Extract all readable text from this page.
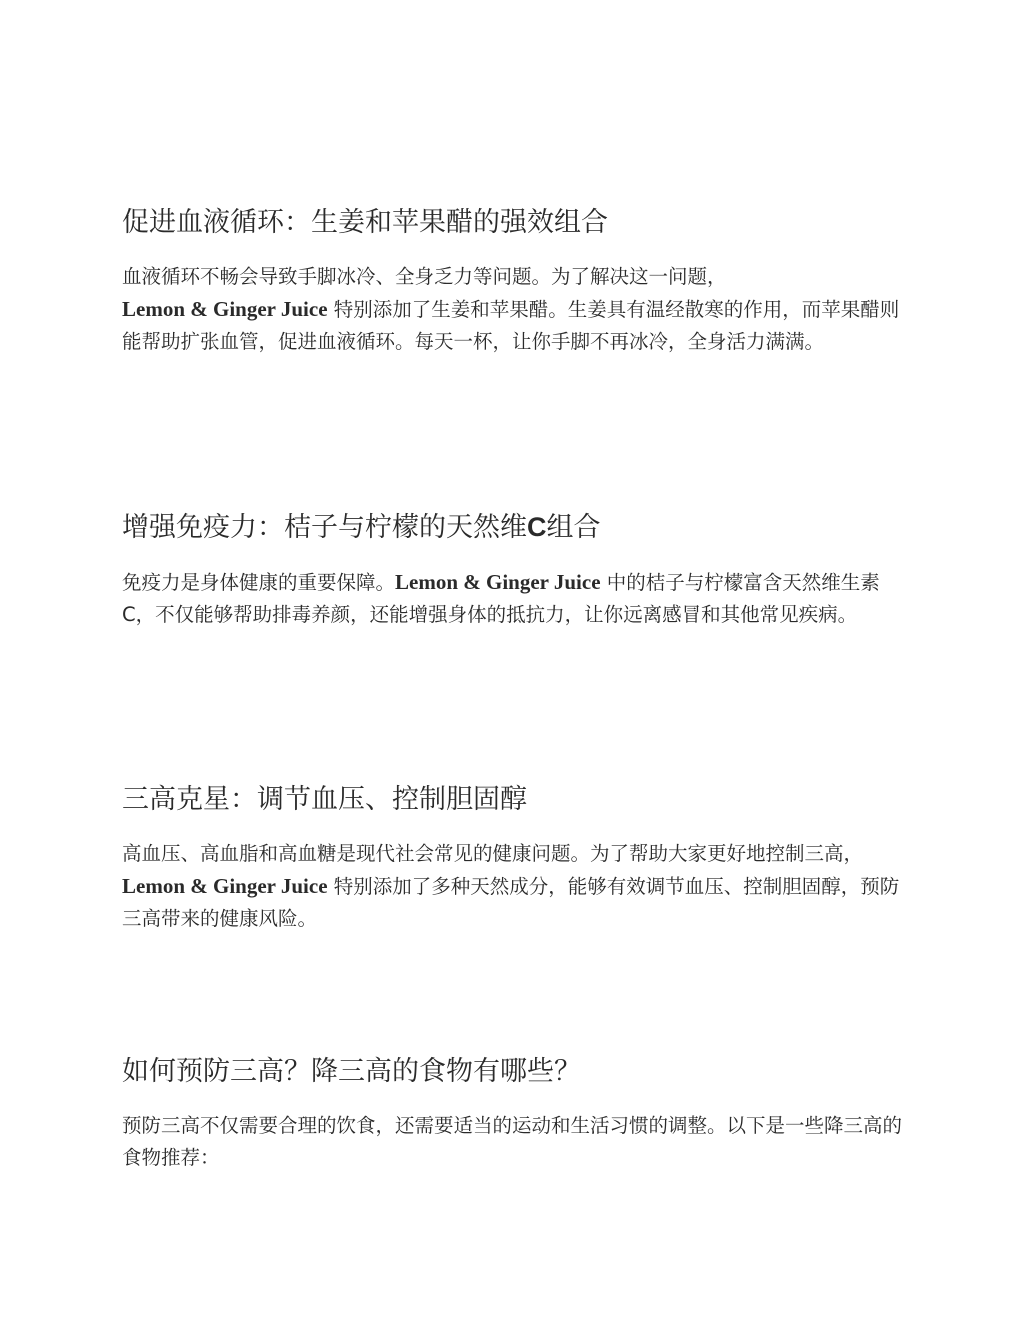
促进血液循环：生姜和苹果醋的强效组合

血液循环不畅会导致手脚冰冷、全身乏力等问题。为了解决这一问题，
Lemon & Ginger Juice 特别添加了生姜和苹果醋。生姜具有温经散寒的作用，而苹果醋则能帮助扩张血管，促进血液循环。每天一杯，让你手脚不再冰冷，全身活力满满。

增强免疫力：桔子与柠檬的天然维C组合

免疫力是身体健康的重要保障。Lemon & Ginger Juice 中的桔子与柠檬富含天然维生素C，不仅能够帮助排毒养颜，还能增强身体的抵抗力，让你远离感冒和其他常见疾病。

三高克星：调节血压、控制胆固醇

高血压、高血脂和高血糖是现代社会常见的健康问题。为了帮助大家更好地控制三高，Lemon & Ginger Juice 特别添加了多种天然成分，能够有效调节血压、控制胆固醇，预防三高带来的健康风险。

如何预防三高？降三高的食物有哪些？

预防三高不仅需要合理的饮食，还需要适当的运动和生活习惯的调整。以下是一些降三高的食物推荐：
